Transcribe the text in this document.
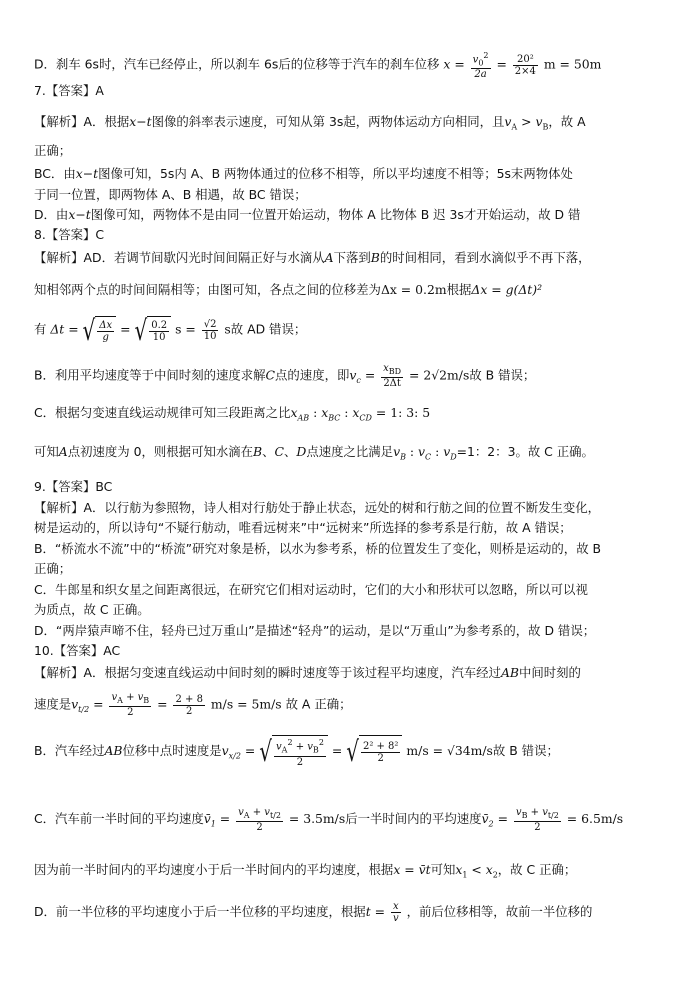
D．刹车 6s时，汽车已经停止，所以刹车 6s后的位移等于汽车的刹车位移 $x = \frac{v_0^2}{2a} = \frac{\text{20²}}{2\times 4}$ m = 50m
7.【答案】A
【解析】A．根据x−t图像的斜率表示速度，可知从第 3s起，两物体运动方向相同，且$v_A > v_B$，故 A
正确；
BC．由x−t图像可知，5s内 A、B 两物体通过的位移不相等，所以平均速度不相等；5s末两物体处
于同一位置，即两物体 A、B 相遇，故 BC 错误；
D．由x−t图像可知，两物体不是由同一位置开始运动，物体 A 比物体 B 迟 3s才开始运动，故 D 错
8.【答案】C
【解析】AD．若调节间歇闪光时间间隔正好与水滴从A下落到B的时间相同，看到水滴似乎不再下落，
知相邻两个点的时间间隔相等；由图可知，各点之间的位移差为Δx = 0.2m根据Δx = g(Δt)²
有 Δt = √ $\frac{\Delta x}{g}$ = √ $\frac{0.2}{10}$ $s = \frac{√2}{10}$ s故 AD 错误；
B．利用平均速度等于中间时刻的速度求解C点的速度，即$v_c = \frac{x_{BD}}{2\Delta t} = 2√2m/s$故 B 错误；
C．根据匀变速直线运动规律可知三段距离之比$x_{AB}$ : $x_{BC}$ : $x_{CD} = 1$: 3: 5
可知A点初速度为 0，则根据可知水滴在B、C、D点速度之比满足$v_B$ : $v_C$ : $v_D=1$：2：3。故 C 正确。
9.【答案】BC
【解析】A．以行舫为参照物，诗人相对行舫处于静止状态，远处的树和行舫之间的位置不断发生变化，
树是运动的，所以诗句“不疑行舫动，唯看远树来”中“远树来”所选择的参考系是行舫，故 A 错误；
B．“桥流水不流”中的“桥流”研究对象是桥，以水为参考系，桥的位置发生了变化，则桥是运动的，故 B
正确；
C．牛郎星和织女星之间距离很远，在研究它们相对运动时，它们的大小和形状可以忽略，所以可以视
为质点，故 C 正确。
D．“两岸猿声啼不住，轻舟已过万重山”是描述“轻舟”的运动，是以“万重山”为参考系的，故 D 错误；
10.【答案】AC
【解析】A．根据匀变速直线运动中间时刻的瞬时速度等于该过程平均速度，汽车经过AB中间时刻的
速度是$v_{t/2} = \frac{v_A + v_B}{2} = \frac{2 + 8}{2} m/s = 5m/s$ 故 A 正确；
B．汽车经过AB位移中点时速度是$v_{x/2}$ = √ $\frac{v_A^2 + v_B^2}{2}$ = √ $\frac{\text{2² + 8²}}{2} m/s = √34m/s$故 B 错误；
C．汽车前一半时间的平均速度$v̄_1 = \frac{v_A + v_{t/2}}{2} = 3.5m/s$后一半时间内的平均速度$v̄_2 = \frac{v_B + v_{t/2}}{2} = 6.5m/s$
因为前一半时间内的平均速度小于后一半时间内的平均速度，根据x = v̄t可知$x_1 < x_2$，故 C 正确；
D．前一半位移的平均速度小于后一半位移的平均速度，根据$t = \frac{x}{v}$ ，前后位移相等，故前一半位移的
